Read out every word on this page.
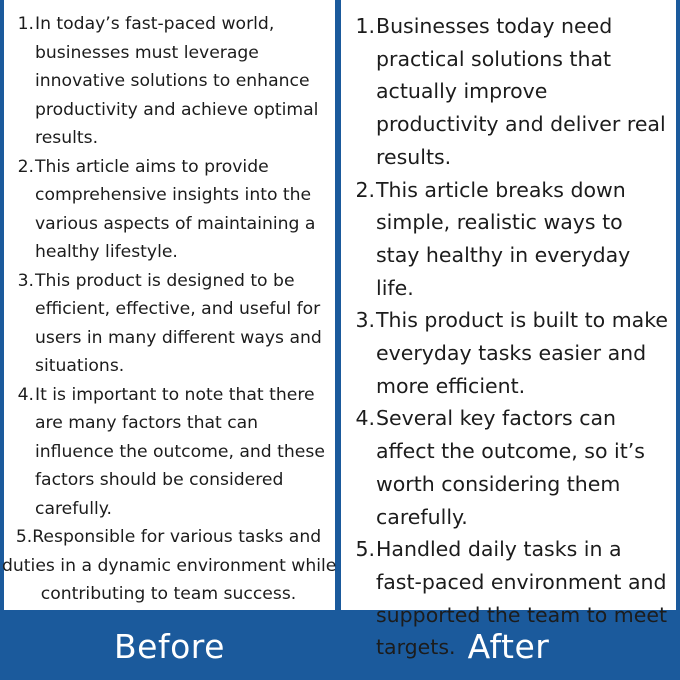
1. In today’s fast-paced world, businesses must leverage innovative solutions to enhance productivity and achieve optimal results.
2. This article aims to provide comprehensive insights into the various aspects of maintaining a healthy lifestyle.
3. This product is designed to be efficient, effective, and useful for users in many different ways and situations.
4. It is important to note that there are many factors that can influence the outcome, and these factors should be considered carefully.
5.Responsible for various tasks and
duties in a dynamic environment while
contributing to team success.
1. Businesses today need practical solutions that actually improve productivity and deliver real results.
2. This article breaks down simple, realistic ways to stay healthy in everyday life.
3. This product is built to make everyday tasks easier and more efficient.
4. Several key factors can affect the outcome, so it’s worth considering them carefully.
5. Handled daily tasks in a fast-paced environment and supported the team to meet targets.
Before	After
